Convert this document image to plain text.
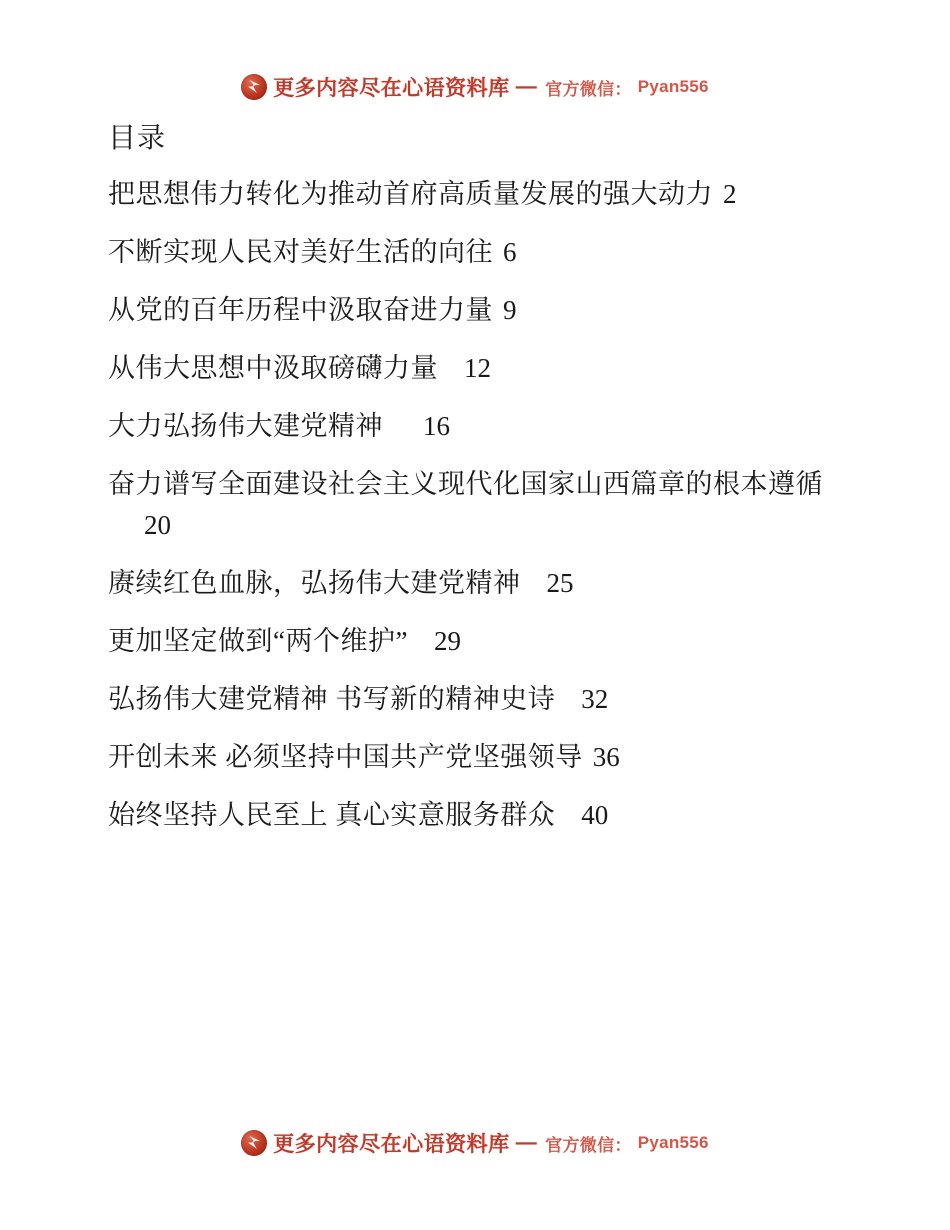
更多内容尽在心语资料库 — 官方微信： Pyan556
目录

把思想伟力转化为推动首府高质量发展的强大动力 2

不断实现人民对美好生活的向往 6

从党的百年历程中汲取奋进力量 9

从伟大思想中汲取磅礴力量 12

大力弘扬伟大建党精神 16

奋力谱写全面建设社会主义现代化国家山西篇章的根本遵循20

赓续红色血脉，弘扬伟大建党精神 25

更加坚定做到“两个维护” 29

弘扬伟大建党精神 书写新的精神史诗 32

开创未来 必须坚持中国共产党坚强领导 36

始终坚持人民至上 真心实意服务群众 40

更多内容尽在心语资料库 — 官方微信： Pyan556
